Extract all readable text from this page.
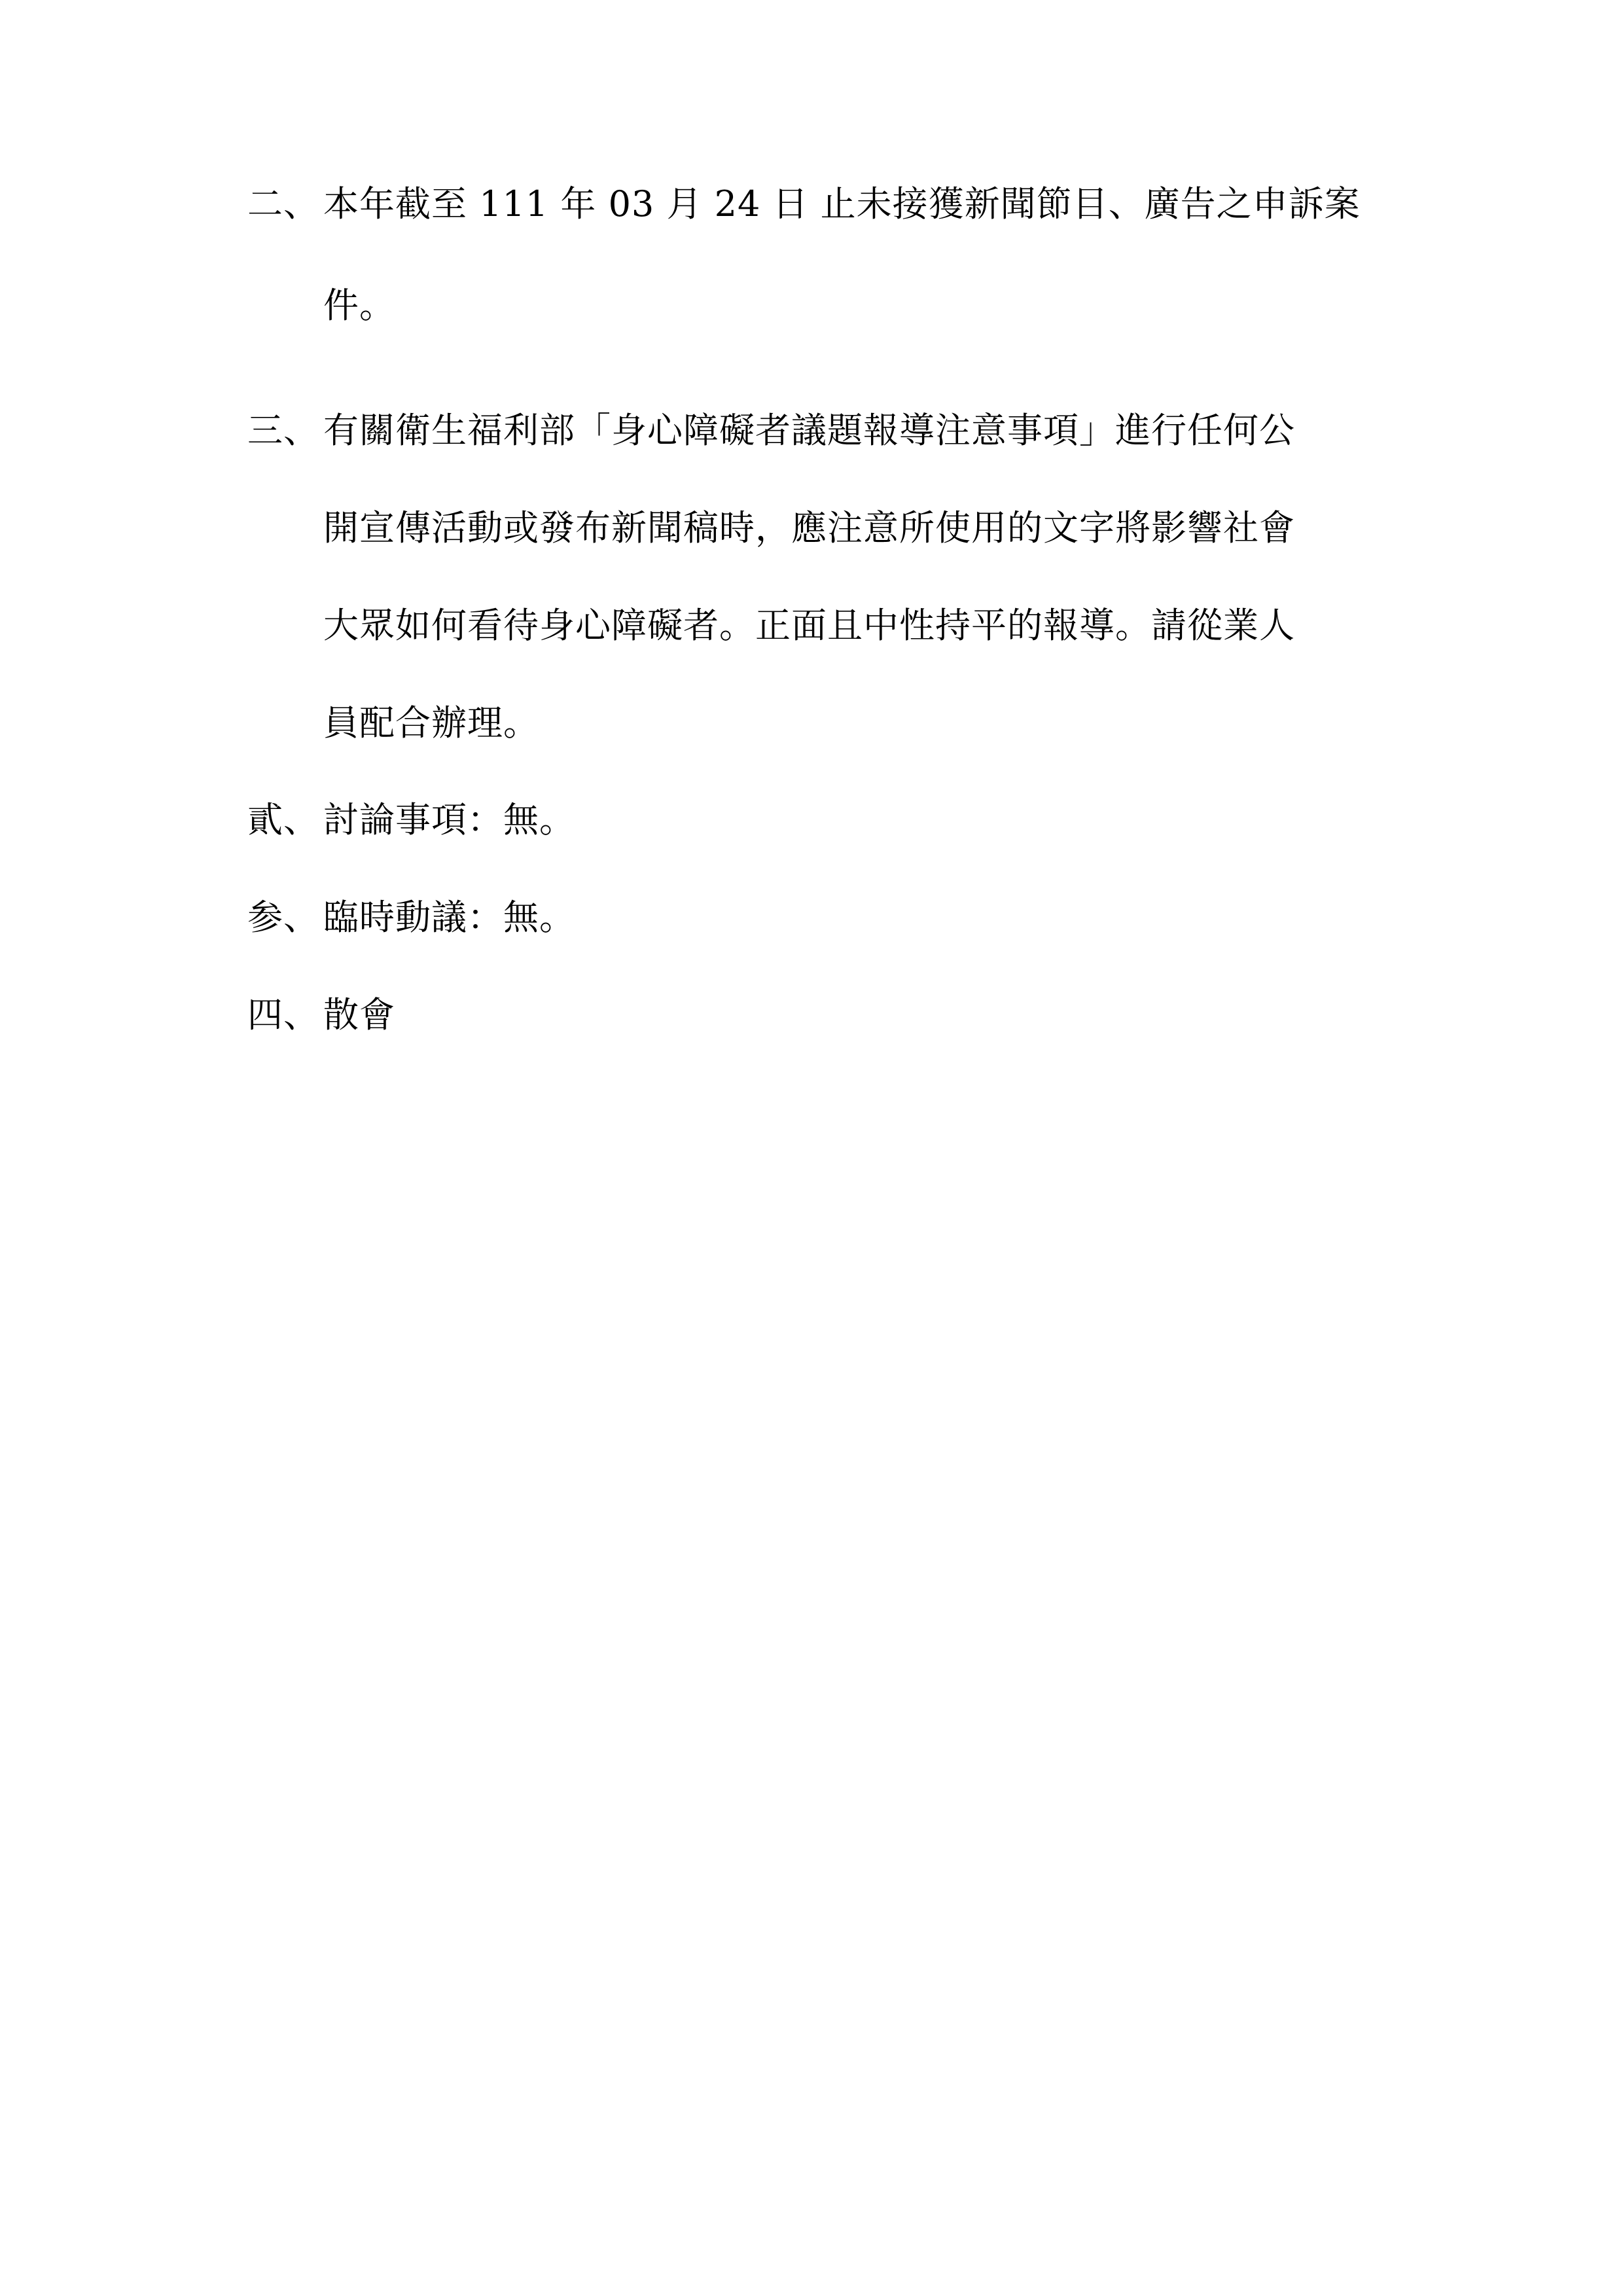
二、 本年截至 111 年 03 月 24 日 止未接獲新聞節目、廣告之申訴案
件。
三、 有關衛生福利部「身心障礙者議題報導注意事項」進行任何公
開宣傳活動或發布新聞稿時，應注意所使用的文字將影響社會
大眾如何看待身心障礙者。正面且中性持平的報導。請從業人
員配合辦理。
貳、 討論事項：無。
参、 臨時動議：無。
四、 散會
